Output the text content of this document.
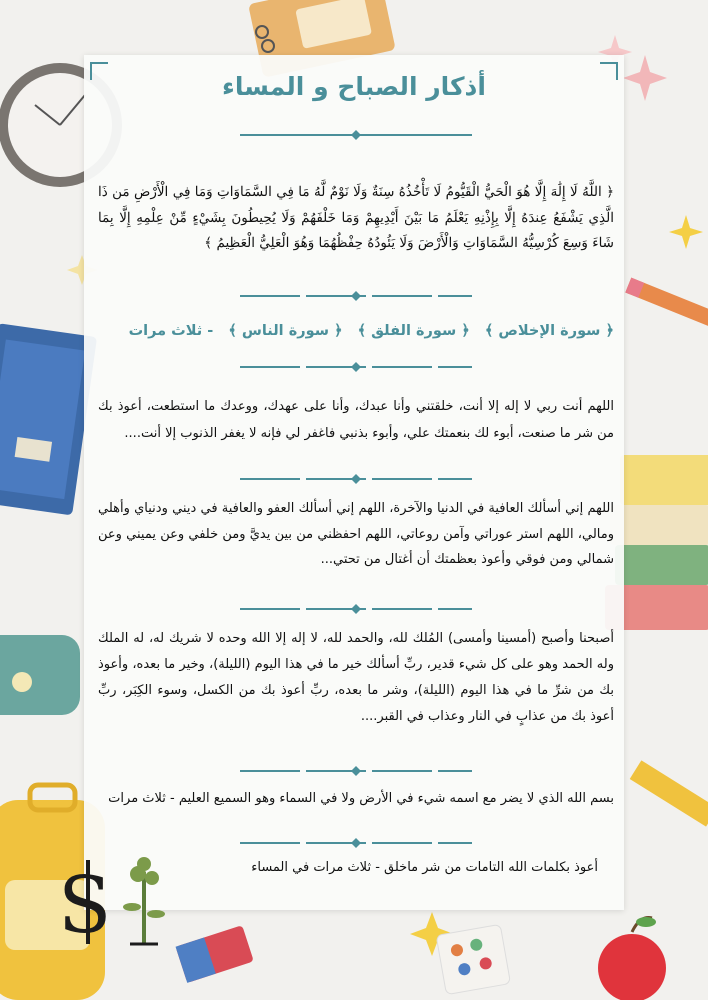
أذكار الصباح و المساء
﴿ اللَّهُ لَا إِلَٰهَ إِلَّا هُوَ الْحَيُّ الْقَيُّومُ لَا تَأْخُذُهُ سِنَةٌ وَلَا نَوْمٌ لَّهُ مَا فِي السَّمَاوَاتِ وَمَا فِي الْأَرْضِ مَن ذَا الَّذِي يَشْفَعُ عِندَهُ إِلَّا بِإِذْنِهِ يَعْلَمُ مَا بَيْنَ أَيْدِيهِمْ وَمَا خَلْفَهُمْ وَلَا يُحِيطُونَ بِشَيْءٍ مِّنْ عِلْمِهِ إِلَّا بِمَا شَاءَ وَسِعَ كُرْسِيُّهُ السَّمَاوَاتِ وَالْأَرْضَ وَلَا يَئُودُهُ حِفْظُهُمَا وَهُوَ الْعَلِيُّ الْعَظِيمُ ﴾
﴿ سورة الإخلاص ﴾ ﴿ سورة الفلق ﴾ ﴿ سورة الناس ﴾ - ثلاث مرات
اللهم أنت ربي لا إله إلا أنت، خلقتني وأنا عبدك، وأنا على عهدك، ووعدك ما استطعت، أعوذ بك من شر ما صنعت، أبوء لك بنعمتك علي، وأبوء بذنبي فاغفر لي فإنه لا يغفر الذنوب إلا أنت....
اللهم إني أسألك العافية في الدنيا والآخرة، اللهم إني أسألك العفو والعافية في ديني ودنياي وأهلي ومالي، اللهم استر عوراتي وآمن روعاتي، اللهم احفظني من بين يديَّ ومن خلفي وعن يميني وعن شمالي ومن فوقي وأعوذ بعظمتك أن أغتال من تحتي...
أصبحنا وأصبح (أمسينا وأمسى) المُلك لله، والحمد لله، لا إله إلا الله وحده لا شريك له، له الملك وله الحمد وهو على كل شيء قدير، ربِّ أسألك خير ما في هذا اليوم (الليلة)، وخير ما بعده، وأعوذ بك من شرِّ ما في هذا اليوم (الليلة)، وشر ما بعده، ربِّ أعوذ بك من الكسل، وسوء الكِبَر، ربِّ أعوذ بك من عذابٍ في النار وعذاب في القبر....
بسم الله الذي لا يضر مع اسمه شيء في الأرض ولا في السماء وهو السميع العليم - ثلاث مرات
أعوذ بكلمات الله التامات من شر ماخلق - ثلاث مرات في المساء
S
